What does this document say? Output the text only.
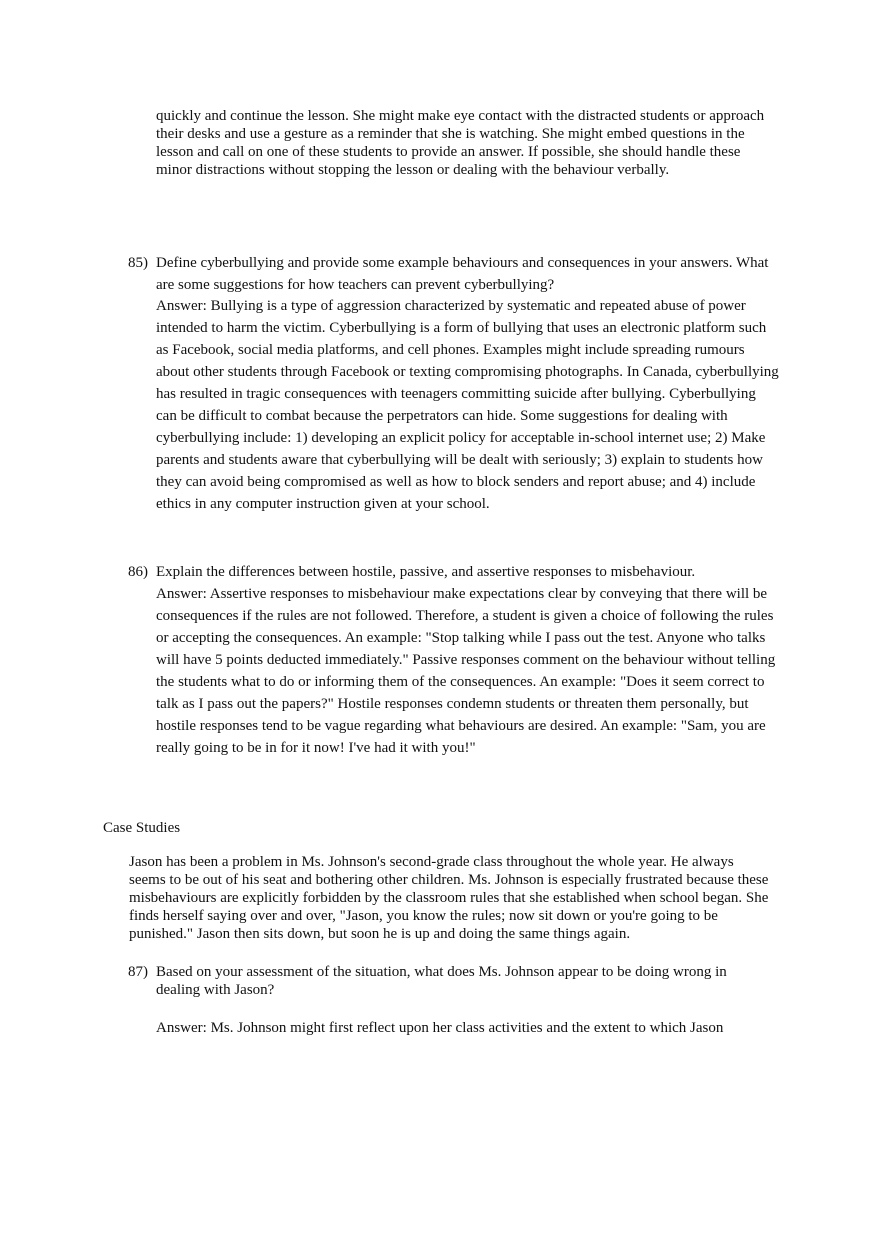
quickly and continue the lesson. She might make eye contact with the distracted students or approach their desks and use a gesture as a reminder that she is watching. She might embed questions in the lesson and call on one of these students to provide an answer. If possible, she should handle these minor distractions without stopping the lesson or dealing with the behaviour verbally.

85) Define cyberbullying and provide some example behaviours and consequences in your answers. What are some suggestions for how teachers can prevent cyberbullying?

Answer: Bullying is a type of aggression characterized by systematic and repeated abuse of power intended to harm the victim. Cyberbullying is a form of bullying that uses an electronic platform such as Facebook, social media platforms, and cell phones. Examples might include spreading rumours about other students through Facebook or texting compromising photographs. In Canada, cyberbullying has resulted in tragic consequences with teenagers committing suicide after bullying. Cyberbullying can be difficult to combat because the perpetrators can hide. Some suggestions for dealing with cyberbullying include: 1) developing an explicit policy for acceptable in-school internet use; 2) Make parents and students aware that cyberbullying will be dealt with seriously; 3) explain to students how they can avoid being compromised as well as how to block senders and report abuse; and 4) include ethics in any computer instruction given at your school.

86) Explain the differences between hostile, passive, and assertive responses to misbehaviour.

Answer: Assertive responses to misbehaviour make expectations clear by conveying that there will be consequences if the rules are not followed. Therefore, a student is given a choice of following the rules or accepting the consequences. An example: "Stop talking while I pass out the test. Anyone who talks will have 5 points deducted immediately." Passive responses comment on the behaviour without telling the students what to do or informing them of the consequences. An example: "Does it seem correct to talk as I pass out the papers?" Hostile responses condemn students or threaten them personally, but hostile responses tend to be vague regarding what behaviours are desired. An example: "Sam, you are really going to be in for it now! I've had it with you!"

Case Studies

Jason has been a problem in Ms. Johnson's second-grade class throughout the whole year. He always seems to be out of his seat and bothering other children. Ms. Johnson is especially frustrated because these misbehaviours are explicitly forbidden by the classroom rules that she established when school began. She finds herself saying over and over, "Jason, you know the rules; now sit down or you're going to be punished." Jason then sits down, but soon he is up and doing the same things again.

87) Based on your assessment of the situation, what does Ms. Johnson appear to be doing wrong in dealing with Jason?

Answer: Ms. Johnson might first reflect upon her class activities and the extent to which Jason
